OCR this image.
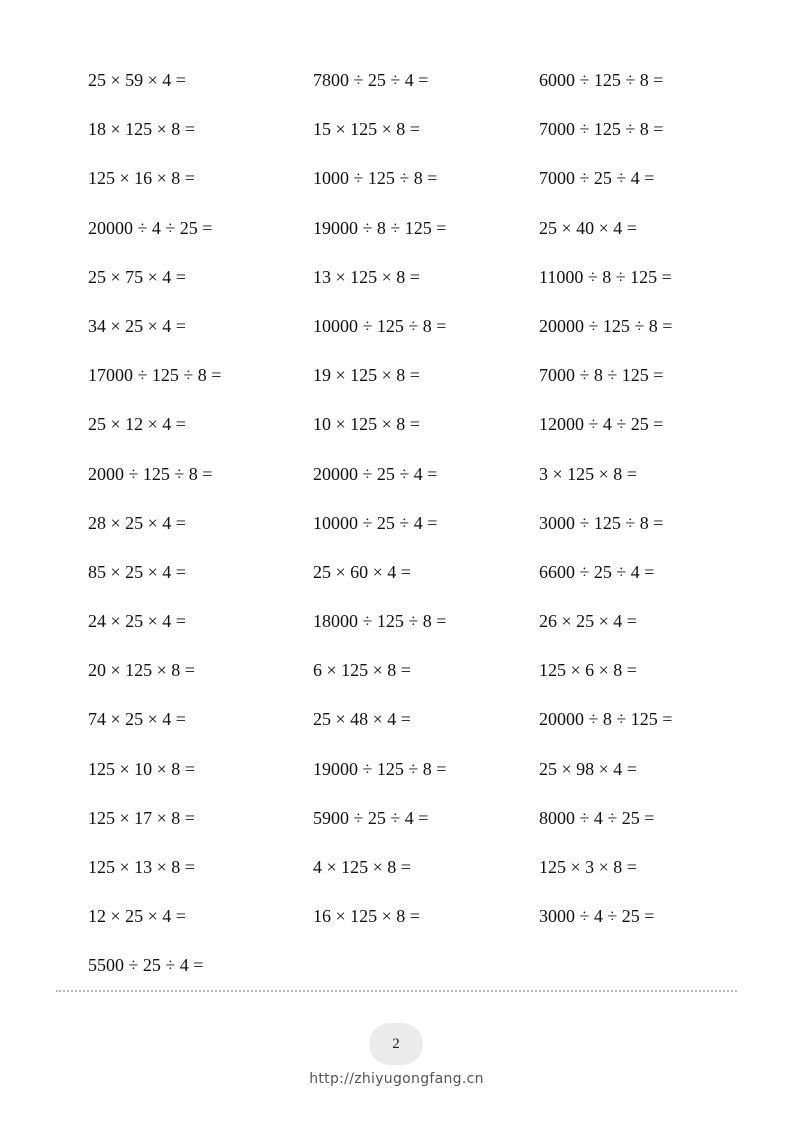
25 × 59 × 4 =	7800 ÷ 25 ÷ 4 =	6000 ÷ 125 ÷ 8 =
18 × 125 × 8 =	15 × 125 × 8 =	7000 ÷ 125 ÷ 8 =
125 × 16 × 8 =	1000 ÷ 125 ÷ 8 =	7000 ÷ 25 ÷ 4 =
20000 ÷ 4 ÷ 25 =	19000 ÷ 8 ÷ 125 =	25 × 40 × 4 =
25 × 75 × 4 =	13 × 125 × 8 =	11000 ÷ 8 ÷ 125 =
34 × 25 × 4 =	10000 ÷ 125 ÷ 8 =	20000 ÷ 125 ÷ 8 =
17000 ÷ 125 ÷ 8 =	19 × 125 × 8 =	7000 ÷ 8 ÷ 125 =
25 × 12 × 4 =	10 × 125 × 8 =	12000 ÷ 4 ÷ 25 =
2000 ÷ 125 ÷ 8 =	20000 ÷ 25 ÷ 4 =	3 × 125 × 8 =
28 × 25 × 4 =	10000 ÷ 25 ÷ 4 =	3000 ÷ 125 ÷ 8 =
85 × 25 × 4 =	25 × 60 × 4 =	6600 ÷ 25 ÷ 4 =
24 × 25 × 4 =	18000 ÷ 125 ÷ 8 =	26 × 25 × 4 =
20 × 125 × 8 =	6 × 125 × 8 =	125 × 6 × 8 =
74 × 25 × 4 =	25 × 48 × 4 =	20000 ÷ 8 ÷ 125 =
125 × 10 × 8 =	19000 ÷ 125 ÷ 8 =	25 × 98 × 4 =
125 × 17 × 8 =	5900 ÷ 25 ÷ 4 =	8000 ÷ 4 ÷ 25 =
125 × 13 × 8 =	4 × 125 × 8 =	125 × 3 × 8 =
12 × 25 × 4 =	16 × 125 × 8 =	3000 ÷ 4 ÷ 25 =
5500 ÷ 25 ÷ 4 =
2
http://zhiyugongfang.cn
